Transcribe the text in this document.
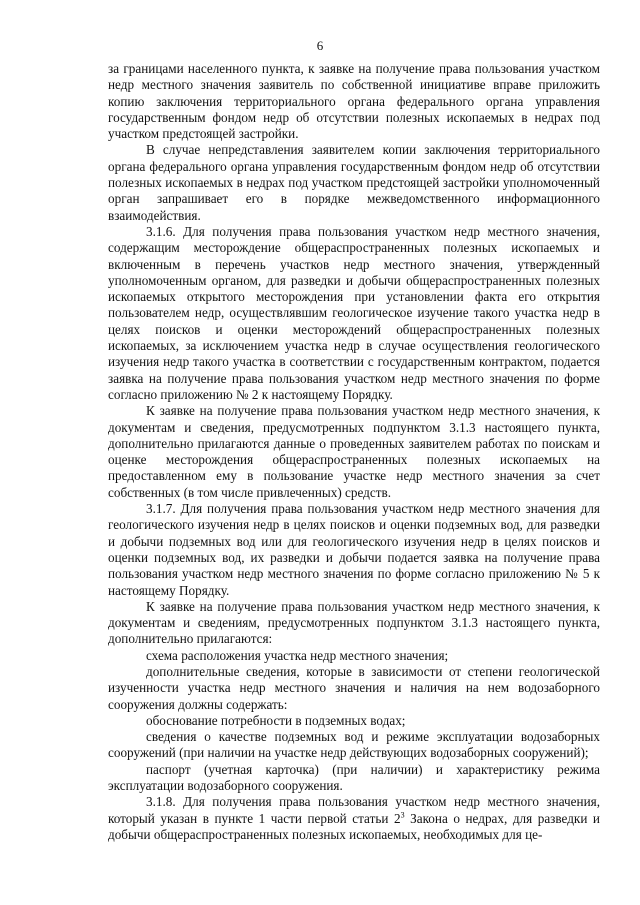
6

за границами населенного пункта, к заявке на получение права пользования участком недр местного значения заявитель по собственной инициативе вправе приложить копию заключения территориального органа федерального органа управления государственным фондом недр об отсутствии полезных ископаемых в недрах под участком предстоящей застройки.

В случае непредставления заявителем копии заключения территориального органа федерального органа управления государственным фондом недр об отсутствии полезных ископаемых в недрах под участком предстоящей застройки уполномоченный орган запрашивает его в порядке межведомственного информационного взаимодействия.

3.1.6. Для получения права пользования участком недр местного значения, содержащим месторождение общераспространенных полезных ископаемых и включенным в перечень участков недр местного значения, утвержденный уполномоченным органом, для разведки и добычи общераспространенных полезных ископаемых открытого месторождения при установлении факта его открытия пользователем недр, осуществлявшим геологическое изучение такого участка недр в целях поисков и оценки месторождений общераспространенных полезных ископаемых, за исключением участка недр в случае осуществления геологического изучения недр такого участка в соответствии с государственным контрактом, подается заявка на получение права пользования участком недр местного значения по форме согласно приложению № 2 к настоящему Порядку.

К заявке на получение права пользования участком недр местного значения, к документам и сведения, предусмотренных подпунктом 3.1.3 настоящего пункта, дополнительно прилагаются данные о проведенных заявителем работах по поискам и оценке месторождения общераспространенных полезных ископаемых на предоставленном ему в пользование участке недр местного значения за счет собственных (в том числе привлеченных) средств.

3.1.7. Для получения права пользования участком недр местного значения для геологического изучения недр в целях поисков и оценки подземных вод, для разведки и добычи подземных вод или для геологического изучения недр в целях поисков и оценки подземных вод, их разведки и добычи подается заявка на получение права пользования участком недр местного значения по форме согласно приложению № 5 к настоящему Порядку.

К заявке на получение права пользования участком недр местного значения, к документам и сведениям, предусмотренных подпунктом 3.1.3 настоящего пункта, дополнительно прилагаются:

схема расположения участка недр местного значения;

дополнительные сведения, которые в зависимости от степени геологической изученности участка недр местного значения и наличия на нем водозаборного сооружения должны содержать:

обоснование потребности в подземных водах;

сведения о качестве подземных вод и режиме эксплуатации водозаборных сооружений (при наличии на участке недр действующих водозаборных сооружений);

паспорт (учетная карточка) (при наличии) и характеристику режима эксплуатации водозаборного сооружения.

3.1.8. Для получения права пользования участком недр местного значения, который указан в пункте 1 части первой статьи $2^3$ Закона о недрах, для разведки и добычи общераспространенных полезных ископаемых, необходимых для це-
